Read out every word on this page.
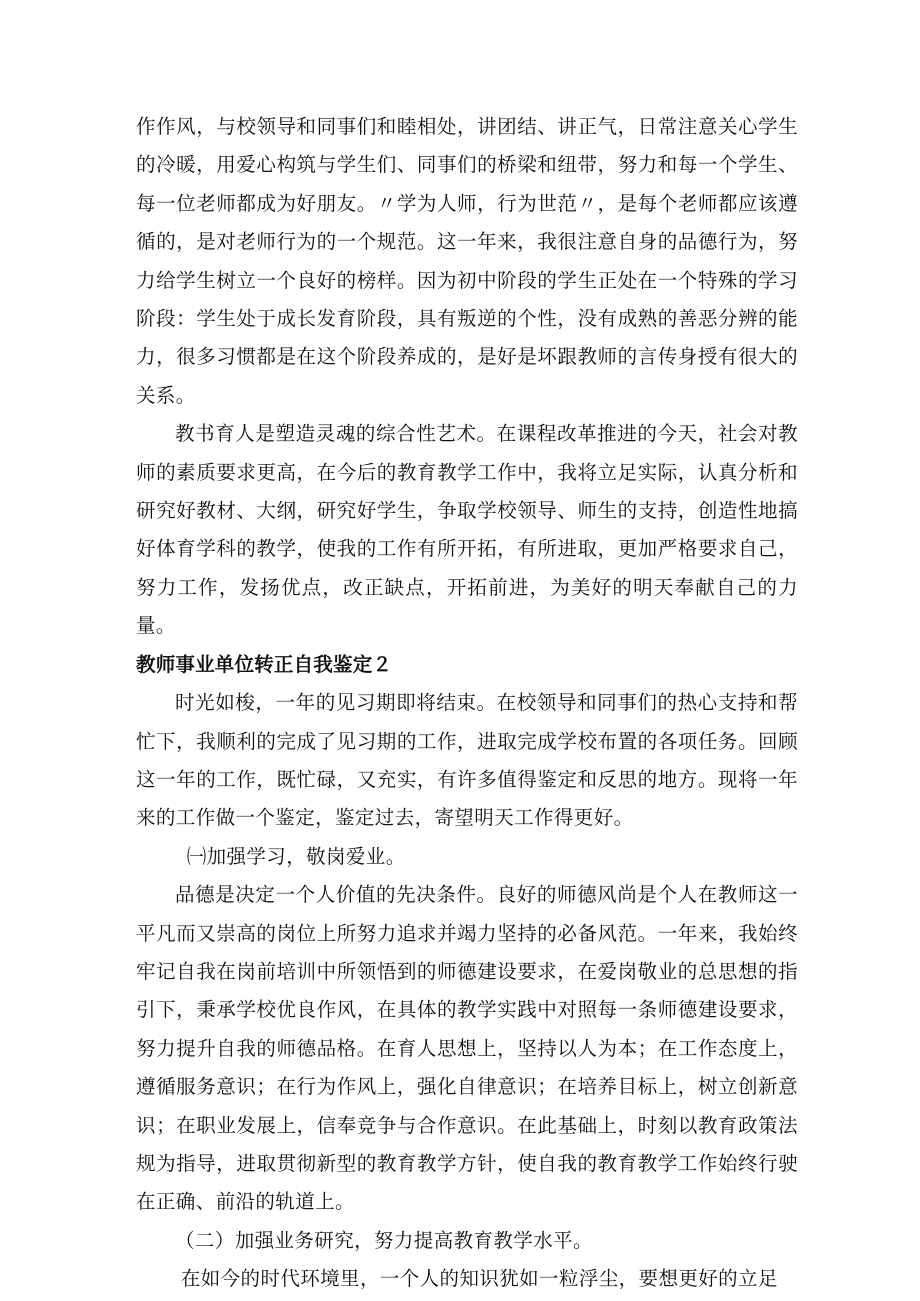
作作风，与校领导和同事们和睦相处，讲团结、讲正气，日常注意关心学生的冷暖，用爱心构筑与学生们、同事们的桥梁和纽带，努力和每一个学生、每一位老师都成为好朋友。〃学为人师，行为世范〃，是每个老师都应该遵循的，是对老师行为的一个规范。这一年来，我很注意自身的品德行为，努力给学生树立一个良好的榜样。因为初中阶段的学生正处在一个特殊的学习阶段：学生处于成长发育阶段，具有叛逆的个性，没有成熟的善恶分辨的能力，很多习惯都是在这个阶段养成的，是好是坏跟教师的言传身授有很大的关系。

教书育人是塑造灵魂的综合性艺术。在课程改革推进的今天，社会对教师的素质要求更高，在今后的教育教学工作中，我将立足实际，认真分析和研究好教材、大纲，研究好学生，争取学校领导、师生的支持，创造性地搞好体育学科的教学，使我的工作有所开拓，有所进取，更加严格要求自己，努力工作，发扬优点，改正缺点，开拓前进，为美好的明天奉献自己的力量。

教师事业单位转正自我鉴定２

时光如梭，一年的见习期即将结束。在校领导和同事们的热心支持和帮忙下，我顺利的完成了见习期的工作，进取完成学校布置的各项任务。回顾这一年的工作，既忙碌，又充实，有许多值得鉴定和反思的地方。现将一年来的工作做一个鉴定，鉴定过去，寄望明天工作得更好。

㈠加强学习，敬岗爱业。

品德是决定一个人价值的先决条件。良好的师德风尚是个人在教师这一平凡而又崇高的岗位上所努力追求并竭力坚持的必备风范。一年来，我始终牢记自我在岗前培训中所领悟到的师德建设要求，在爱岗敬业的总思想的指引下，秉承学校优良作风，在具体的教学实践中对照每一条师德建设要求，努力提升自我的师德品格。在育人思想上，坚持以人为本；在工作态度上，遵循服务意识；在行为作风上，强化自律意识；在培养目标上，树立创新意识；在职业发展上，信奉竞争与合作意识。在此基础上，时刻以教育政策法规为指导，进取贯彻新型的教育教学方针，使自我的教育教学工作始终行驶在正确、前沿的轨道上。

（二）加强业务研究，努力提高教育教学水平。

在如今的时代环境里，一个人的知识犹如一粒浮尘，要想更好的立足
